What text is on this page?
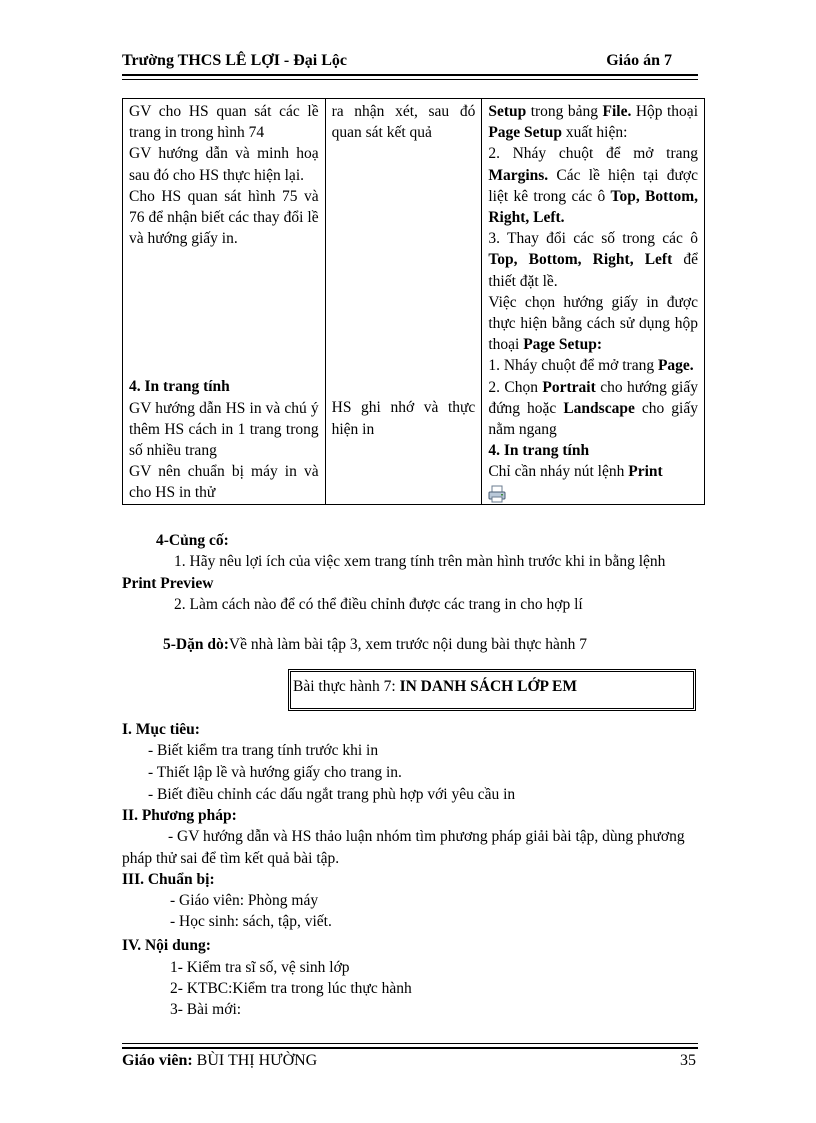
Trường THCS LÊ LỢI - Đại Lộc	Giáo án 7
GV cho HS quan sát các lề trang in trong hình 74
GV hướng dẫn và minh hoạ sau đó cho HS thực hiện lại.
Cho HS quan sát hình 75 và 76 để nhận biết các thay đổi lề và hướng giấy in.
4. In trang tính
GV hướng dẫn HS in và chú ý thêm HS cách in 1 trang trong số nhiều trang
GV nên chuẩn bị máy in và cho HS in thử

ra nhận xét, sau đó quan sát kết quả
HS ghi nhớ và thực hiện in

Setup trong bảng File. Hộp thoại Page Setup xuất hiện:
2. Nháy chuột để mở trang Margins. Các lề hiện tại được liệt kê trong các ô Top, Bottom, Right, Left.
3. Thay đổi các số trong các ô Top, Bottom, Right, Left để thiết đặt lề.
Việc chọn hướng giấy in được thực hiện bằng cách sử dụng hộp thoại Page Setup:
1. Nháy chuột để mở trang Page.
2. Chọn Portrait cho hướng giấy đứng hoặc Landscape cho giấy nằm ngang
4. In trang tính
Chỉ cần nháy nút lệnh Print
4-Củng cố:
1. Hãy nêu lợi ích của việc xem trang tính trên màn hình trước khi in bằng lệnh Print Preview
2. Làm cách nào để có thể điều chỉnh được các trang in cho hợp lí
5-Dặn dò:Về nhà làm bài tập 3, xem trước nội dung bài thực hành 7
Bài thực hành 7: IN DANH SÁCH LỚP EM
I. Mục tiêu:
- Biết kiểm tra trang tính trước khi in
- Thiết lập lề và hướng giấy cho trang in.
- Biết điều chỉnh các dấu ngắt trang phù hợp với yêu cầu in
II. Phương pháp:
- GV hướng dẫn và HS thảo luận nhóm tìm phương pháp giải bài tập, dùng phương pháp thử sai để tìm kết quả bài tập.
III. Chuẩn bị:
- Giáo viên: Phòng máy
- Học sinh: sách, tập, viết.
IV. Nội dung:
1- Kiểm tra sĩ số, vệ sinh lớp
2- KTBC:Kiểm tra trong lúc thực hành
3- Bài mới:
Giáo viên: BÙI THỊ HƯỜNG	35
